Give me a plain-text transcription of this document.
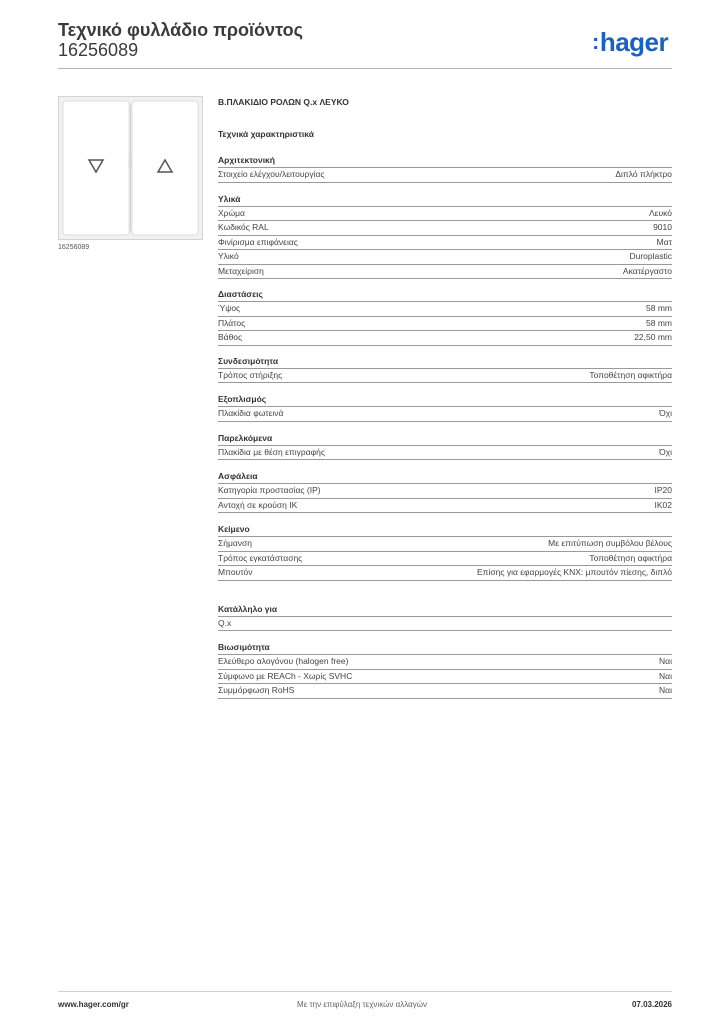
Τεχνικό φυλλάδιο προϊόντος
16256089	:hager
16256089
Β.ΠΛΑΚΙΔΙΟ ΡΟΛΩΝ Q.x ΛΕΥΚΟ
Τεχνικά χαρακτηριστικά
Αρχιτεκτονική
Στοιχείο ελέγχου/λειτουργίας	Διπλό πλήκτρο
Υλικά
Χρώμα	Λευκό
Κωδικός RAL	9010
Φινίρισμα επιφάνειας	Ματ
Υλικό	Duroplastic
Μεταχείριση	Ακατέργαστο
Διαστάσεις
Ύψος	58 mm
Πλάτος	58 mm
Βάθος	22,50 mm
Συνδεσιμότητα
Τρόπος στήριξης	Τοποθέτηση αφικτήρα
Εξοπλισμός
Πλακίδια φωτεινά	Όχι
Παρελκόμενα
Πλακίδια με θέση επιγραφής	Όχι
Ασφάλεια
Κατηγορία προστασίας (IP)	IP20
Αντοχή σε κρούση IK	IK02
Κείμενο
Σήμανση	Με επιτύπωση συμβόλου βέλους
Τρόπος εγκατάστασης	Τοποθέτηση αφικτήρα
Μπουτόν	Επίσης για εφαρμογές KNX: μπουτόν πίεσης, διπλό
Κατάλληλο για
Q.x
Βιωσιμότητα
Ελεύθερο αλογόνου (halogen free)	Ναι
Σύμφωνο με REACh - Χωρίς SVHC	Ναι
Συμμόρφωση RoHS	Ναι
www.hager.com/gr	Με την επιφύλαξη τεχνικών αλλαγών	07.03.2026
